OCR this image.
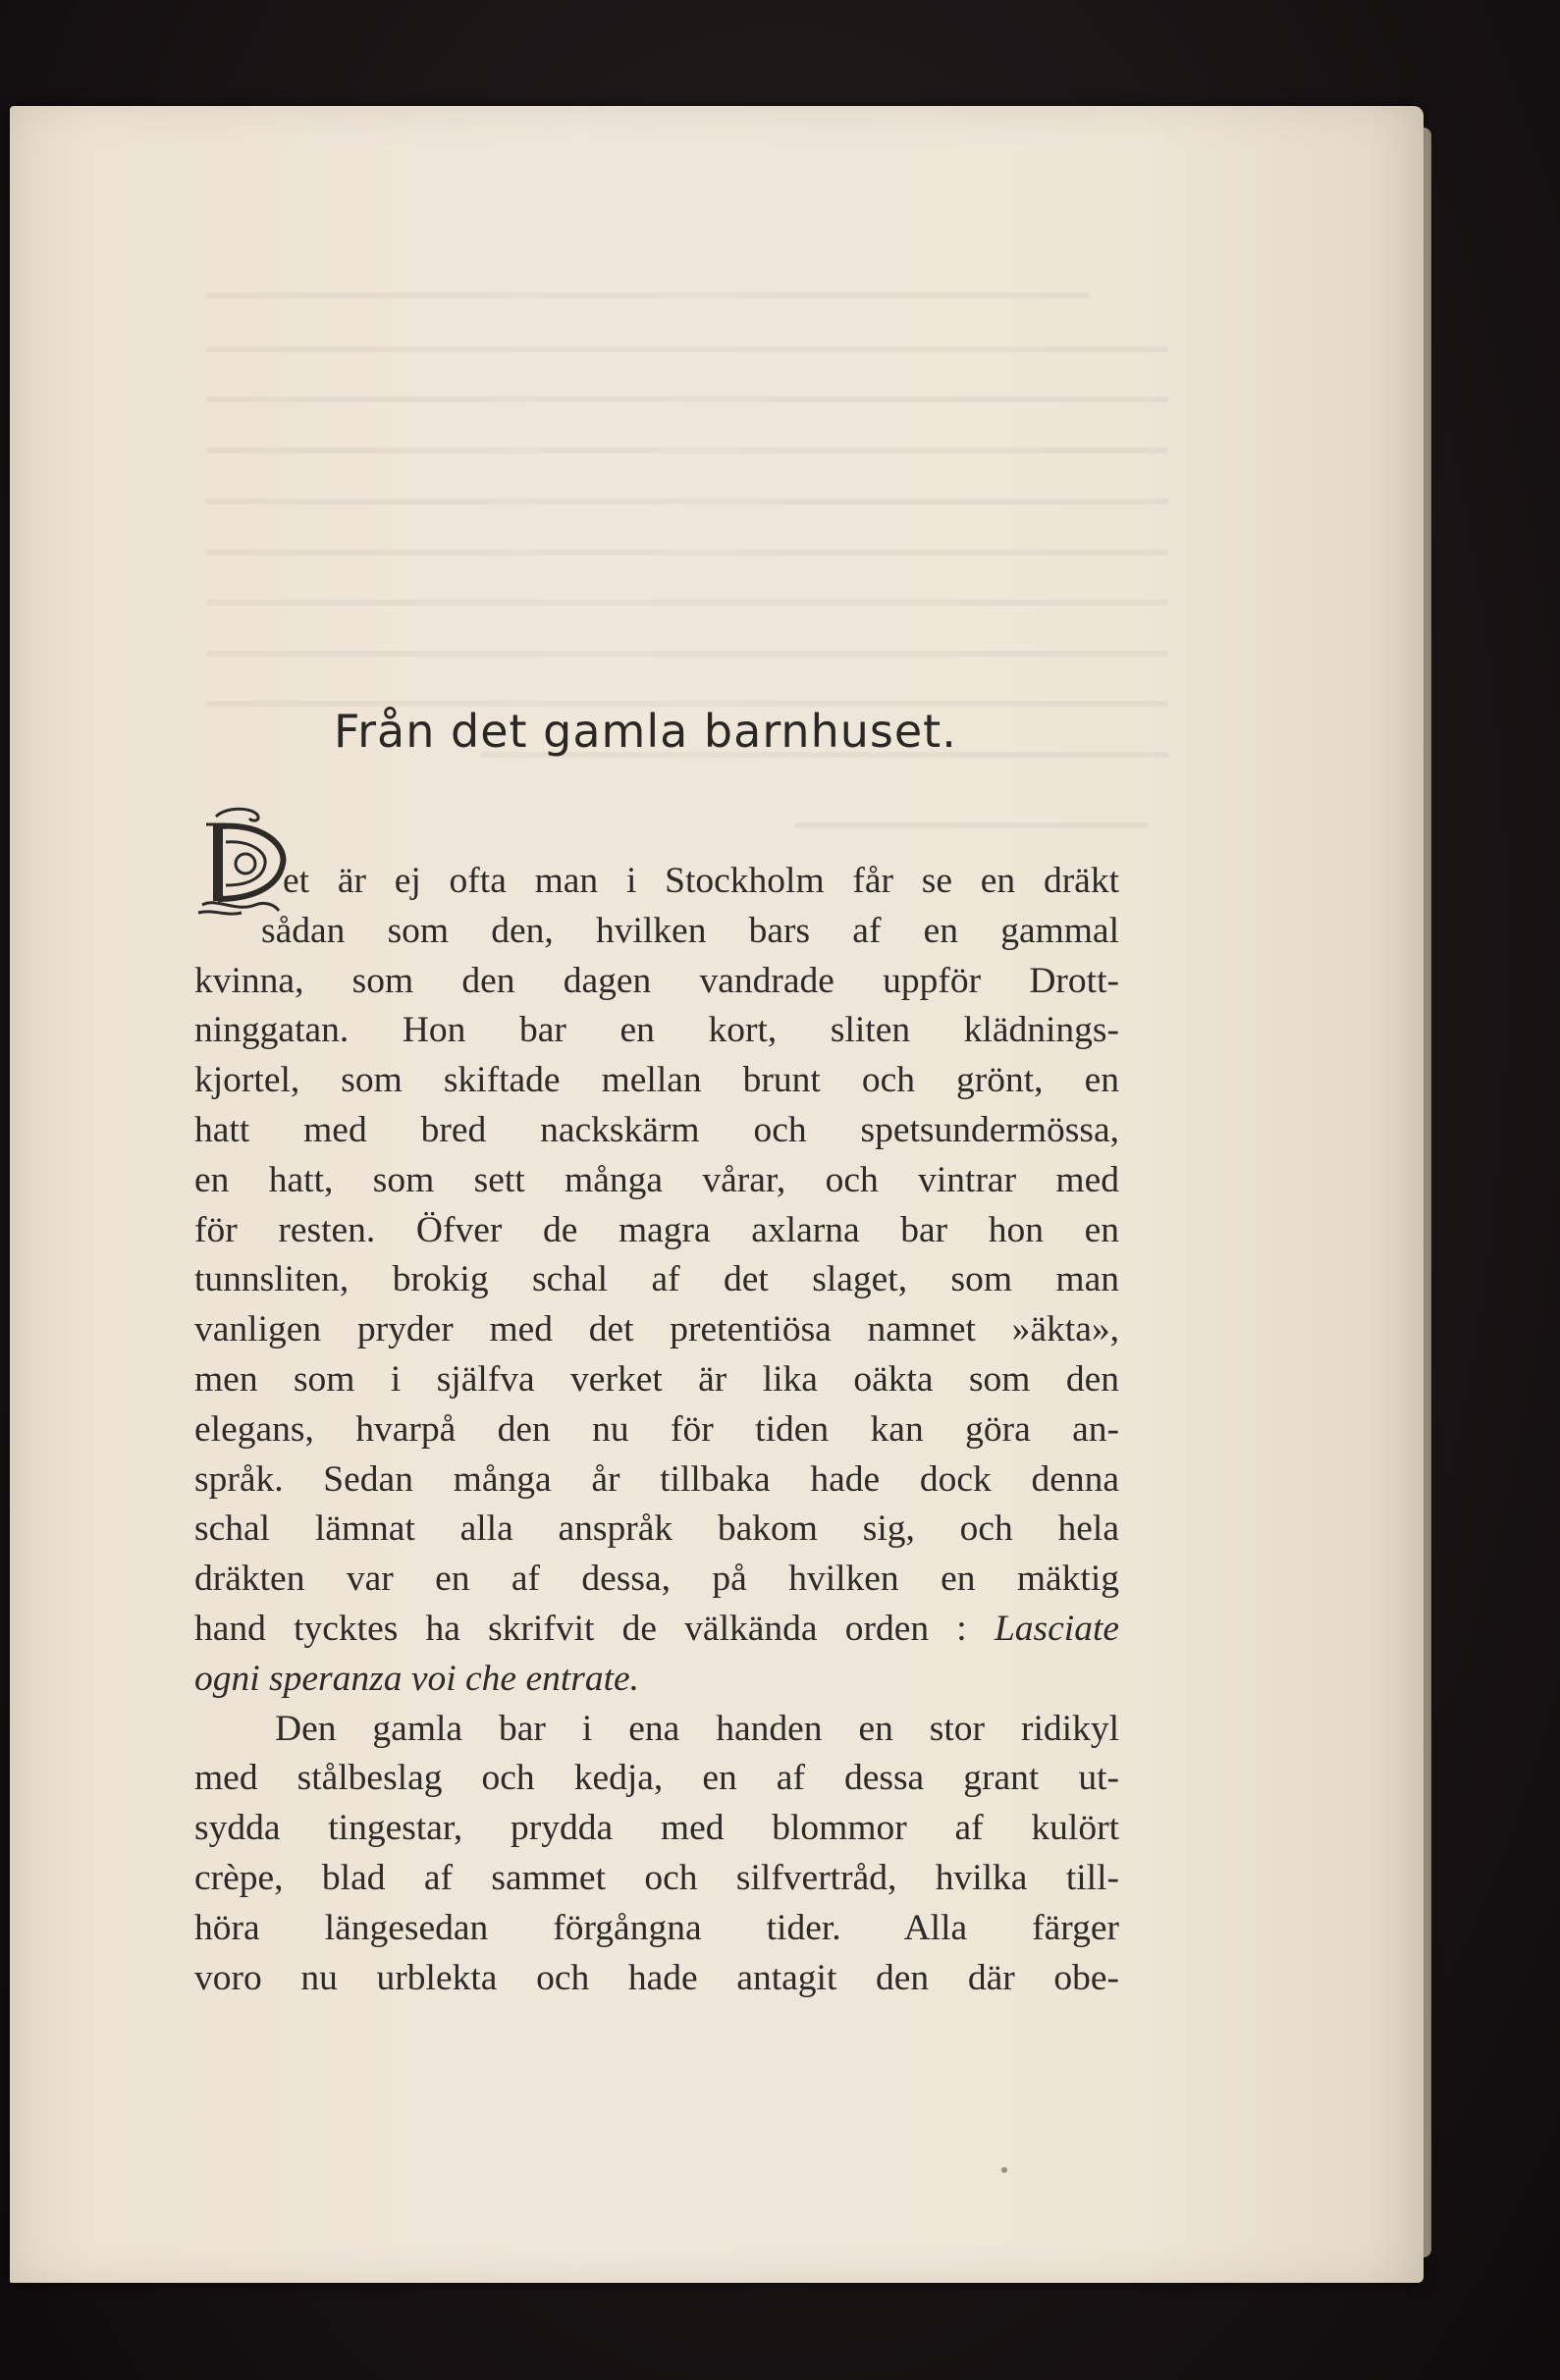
Från det gamla barnhuset.
D et är ej ofta man i Stockholm får se en dräkt
sådan som den, hvilken bars af en gammal
kvinna, som den dagen vandrade uppför Drott-
ninggatan. Hon bar en kort, sliten klädnings-
kjortel, som skiftade mellan brunt och grönt, en
hatt med bred nackskärm och spetsundermössa,
en hatt, som sett många vårar, och vintrar med
för resten. Öfver de magra axlarna bar hon en
tunnsliten, brokig schal af det slaget, som man
vanligen pryder med det pretentiösa namnet »äkta»,
men som i själfva verket är lika oäkta som den
elegans, hvarpå den nu för tiden kan göra an-
språk. Sedan många år tillbaka hade dock denna
schal lämnat alla anspråk bakom sig, och hela
dräkten var en af dessa, på hvilken en mäktig
hand tycktes ha skrifvit de välkända orden : Lasciate
ogni speranza voi che entrate.
Den gamla bar i ena handen en stor ridikyl
med stålbeslag och kedja, en af dessa grant ut-
sydda tingestar, prydda med blommor af kulört
crèpe, blad af sammet och silfvertråd, hvilka till-
höra längesedan förgångna tider. Alla färger
voro nu urblekta och hade antagit den där obe-
